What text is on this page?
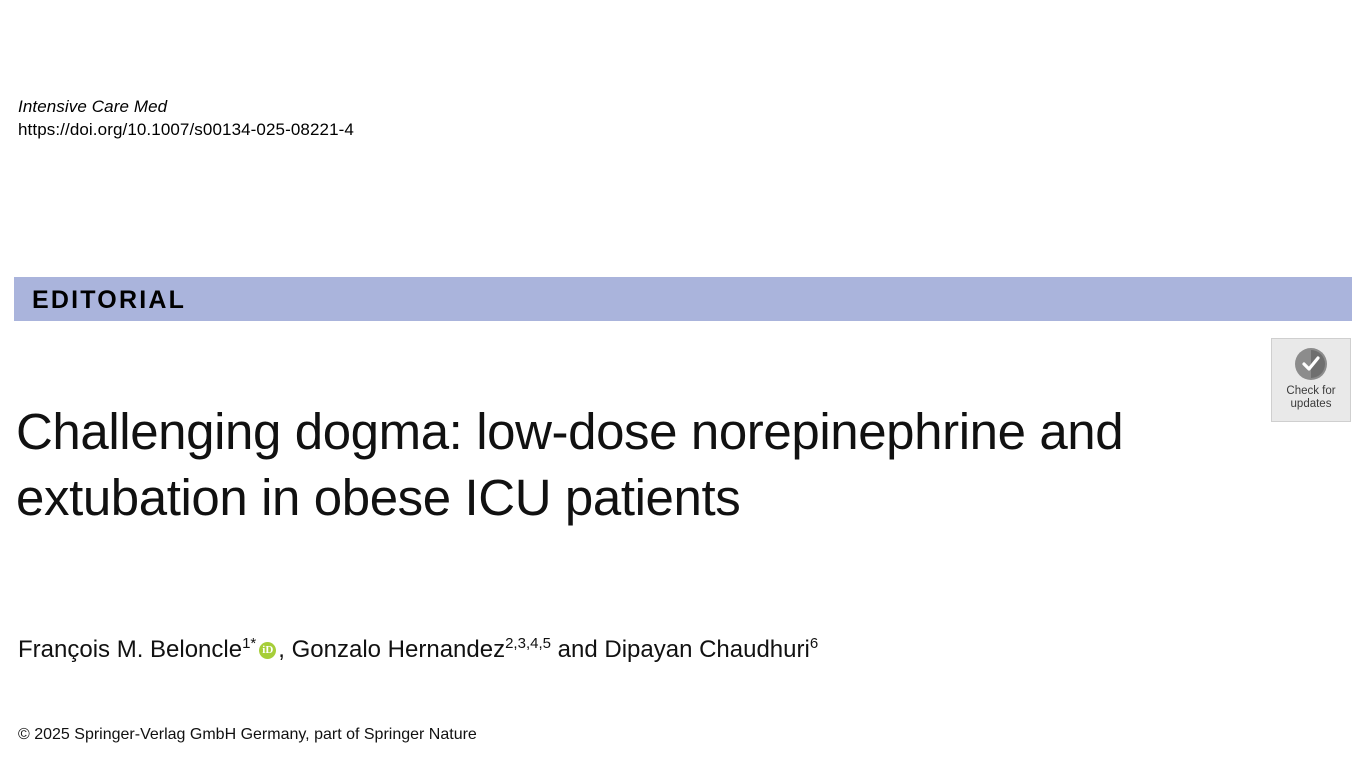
Intensive Care Med
https://doi.org/10.1007/s00134-025-08221-4
EDITORIAL
Challenging dogma: low-dose norepinephrine and extubation in obese ICU patients
François M. Beloncle$^{1*}$ iD , Gonzalo Hernandez$^{2,3,4,5}$ and Dipayan Chaudhuri$^6$
© 2025 Springer-Verlag GmbH Germany, part of Springer Nature
Check for
updates
